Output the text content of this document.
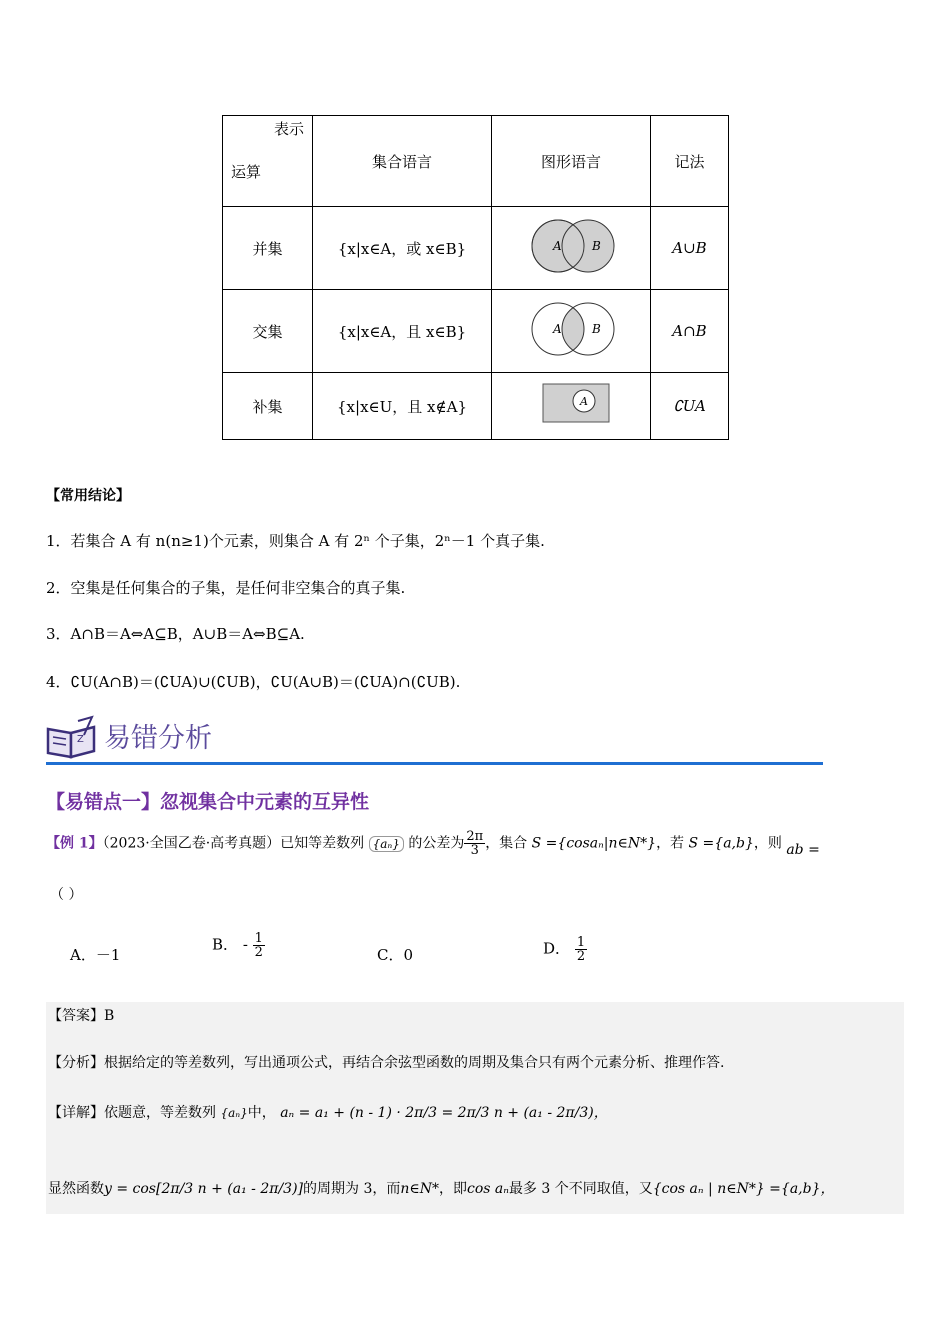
表示
运算	集合语言	图形语言	记法
并集	{x|x∈A，或 x∈B}	A B	A∪B
交集	{x|x∈A，且 x∈B}	A B	A∩B
补集	{x|x∈U，且 x∉A}	A	∁UA
【常用结论】
1．若集合 A 有 n(n≥1)个元素，则集合 A 有 2ⁿ 个子集，2ⁿ－1 个真子集.
2．空集是任何集合的子集，是任何非空集合的真子集.
3．A∩B＝A⇔A⊆B，A∪B＝A⇔B⊆A.
4．∁U(A∩B)＝(∁UA)∪(∁UB)，∁U(A∪B)＝(∁UA)∩(∁UB).
Z 易错分析
【易错点一】忽视集合中元素的互异性
【例 1】（2023·全国乙卷·高考真题）已知等差数列 {aₙ} 的公差为 $\frac{2\pi}{3}$ ，集合 S ={cosaₙ|n∈N*}，若 S ={a,b}，则 ab =
（ ）
A．－1
B． - $\frac{1}{2}$	C．0	D． $\frac{1}{2}$
【答案】B
【分析】根据给定的等差数列，写出通项公式，再结合余弦型函数的周期及集合只有两个元素分析、推理作答.
【详解】依题意，等差数列 {aₙ}中， aₙ = a₁ + (n - 1) · 2π/3 = 2π/3 n + (a₁ - 2π/3)，
显然函数y = cos[2π/3 n + (a₁ - 2π/3)]的周期为 3，而n∈N*，即cos aₙ最多 3 个不同取值，又{cos aₙ | n∈N*} ={a,b}，
